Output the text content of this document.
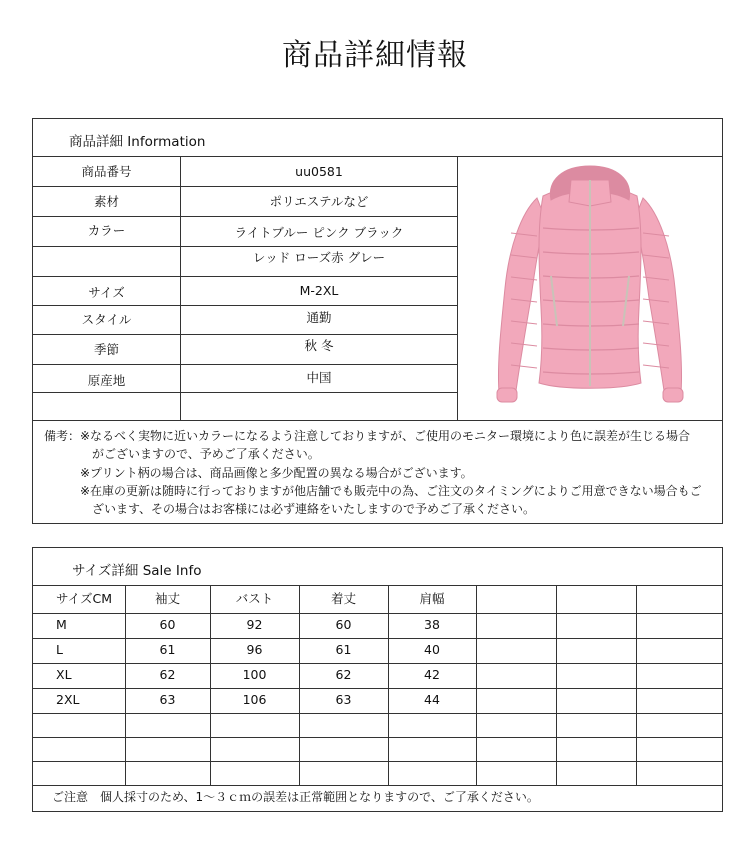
商品詳細情報
商品詳細 Information
商品番号	uu0581
素材	ポリエステルなど
カラー	ライトブルー ピンク ブラック
レッド ローズ赤 グレー
サイズ	M-2XL
スタイル	通勤
季節	秋 冬
原産地	中国
備考： ※なるべく実物に近いカラーになるよう注意しておりますが、ご使用のモニター環境により色に誤差が生じる場合
がございますので、予めご了承ください。
※プリント柄の場合は、商品画像と多少配置の異なる場合がございます。
※在庫の更新は随時に行っておりますが他店舗でも販売中の為、ご注文のタイミングによりご用意できない場合もご
ざいます、その場合はお客様には必ず連絡をいたしますので予めご了承ください。
サイズ詳細 Sale Info
サイズCM	袖丈	バスト	着丈	肩幅
M	60	92	60	38
L	61	96	61	40
XL	62	100	62	42
2XL	63	106	63	44
ご注意　個人採寸のため、1～３ｃｍの誤差は正常範囲となりますので、ご了承ください。
